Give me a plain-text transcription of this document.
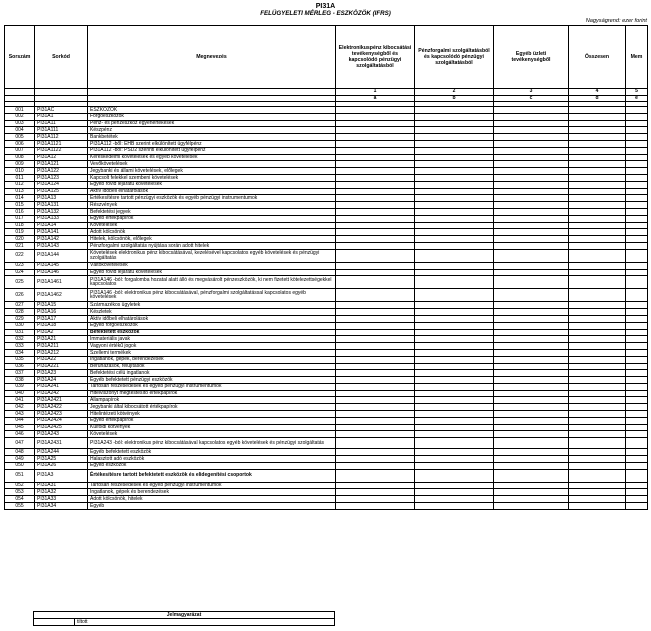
PI31A
FELÜGYELETI MÉRLEG - ESZKÖZÖK (IFRS)
Nagyságrend: ezer forint
Sorszám	Sorkód	Megnevezés	Elektronikuspénz kibocsátási tevékenységből és kapcsolódó pénzügyi szolgáltatásból	Pénzforgalmi szolgáltatásból és kapcsolódó pénzügyi szolgáltatásból	Egyéb üzleti tevékenységből	Összesen	Mem
			1	2	3	4	5
			a	b	c	d	e

001	PI31AC	ESZKÖZÖK					
002	PI31A1	Forgóeszközök					
003	PI31A11	Pénz- és pénzeszköz egyenértékesek					
004	PI31A111	Készpénz					
005	PI31A112	Bankbetétek					
006	PI31A1121	PI31A112 -ből: EHB szerint elkülönített ügyfélpénz					
007	PI31A1122	PI31A112 -ből: PSD2 szerinti elkülönített ügyfélpénz					
008	PI31A12	Kereskedelmi követelések és egyéb követelések					
009	PI31A121	Vevőkövetelések					
010	PI31A122	Jegybanki és állami követelések, előlegek					
011	PI31A123	Kapcsolt felekkel szembeni követelések					
012	PI31A124	Egyéb rövid lejáratú követelések					
013	PI31A125	Aktív időbeli elhatárolások					
014	PI31A13	Értékesítésre tartott pénzügyi eszközök és egyéb pénzügyi instrumentumok					
015	PI31A131	Részvények					
016	PI31A132	Befektetési jegyek					
017	PI31A133	Egyéb értékpapírok					
018	PI31A14	Követelések					
019	PI31A141	Adott kölcsönök					
020	PI31A142	Hitelek, kölcsönök, előlegek					
021	PI31A143	Pénzforgalmi szolgáltatás nyújtása során adott hitelek					
022	PI31A144	Követelések elektronikus pénz kibocsátásával, kezelésével kapcsolatos egyéb követelések és pénzügyi szolgáltatás					
023	PI31A145	Váltókövetelések					
024	PI31A146	Egyéb rövid lejáratú követelések					
025	PI31A1461	PI31A146 -ból: forgalomba hozatal alatt álló és megvásárolt pénzeszközök, ki nem fizetett kötelezettségekkel kapcsolatos					
026	PI31A1462	PI31A146 -ból: elektronikus pénz kibocsátásával, pénzforgalmi szolgáltatással kapcsolatos egyéb követelések					
027	PI31A15	Származékos ügyletek					
028	PI31A16	Készletek					
029	PI31A17	Aktív időbeli elhatárolások					
030	PI31A18	Egyéb forgóeszközök					
031	PI31A2	Befektetett eszközök					
032	PI31A21	Immateriális javak					
033	PI31A211	Vagyoni értékű jogok					
034	PI31A212	Szellemi termékek					
035	PI31A22	Ingatlanok, gépek, berendezések					
036	PI31A221	Beruházások, felújítások					
037	PI31A23	Befektetési célú ingatlanok					
038	PI31A24	Egyéb befektetett pénzügyi eszközök					
039	PI31A241	Tartósan részesedések és egyéb pénzügyi instrumentumok					
040	PI31A242	Hitelviszonyt megtestesítő értékpapírok					
041	PI31A2421	Állampapírok					
042	PI31A2422	Jegybanki által kibocsátott értékpapírok					
043	PI31A2423	Hitelintézeti kötvények					
044	PI31A2424	Egyéb értékpapírok					
045	PI31A2425	Külföldi kötvények					
046	PI31A243	Követelések					
047	PI31A2431	PI31A243 -ból: elektronikus pénz kibocsátásával kapcsolatos egyéb követelések és pénzügyi szolgáltatás					
048	PI31A244	Egyéb befektetett eszközök					
049	PI31A25	Halasztott adó eszközök					
050	PI31A26	Egyéb eszközök					
051	PI31A3	Értékesítésre tartott befektetett eszközök és elidegenítési csoportok					
052	PI31A31	Tartósan részesedések és egyéb pénzügyi instrumentumok					
053	PI31A32	Ingatlanok, gépek és berendezések					
054	PI31A33	Adott kölcsönök, hitelek					
055	PI31A34	Egyéb					
Jelmagyarázat
	tiltott
